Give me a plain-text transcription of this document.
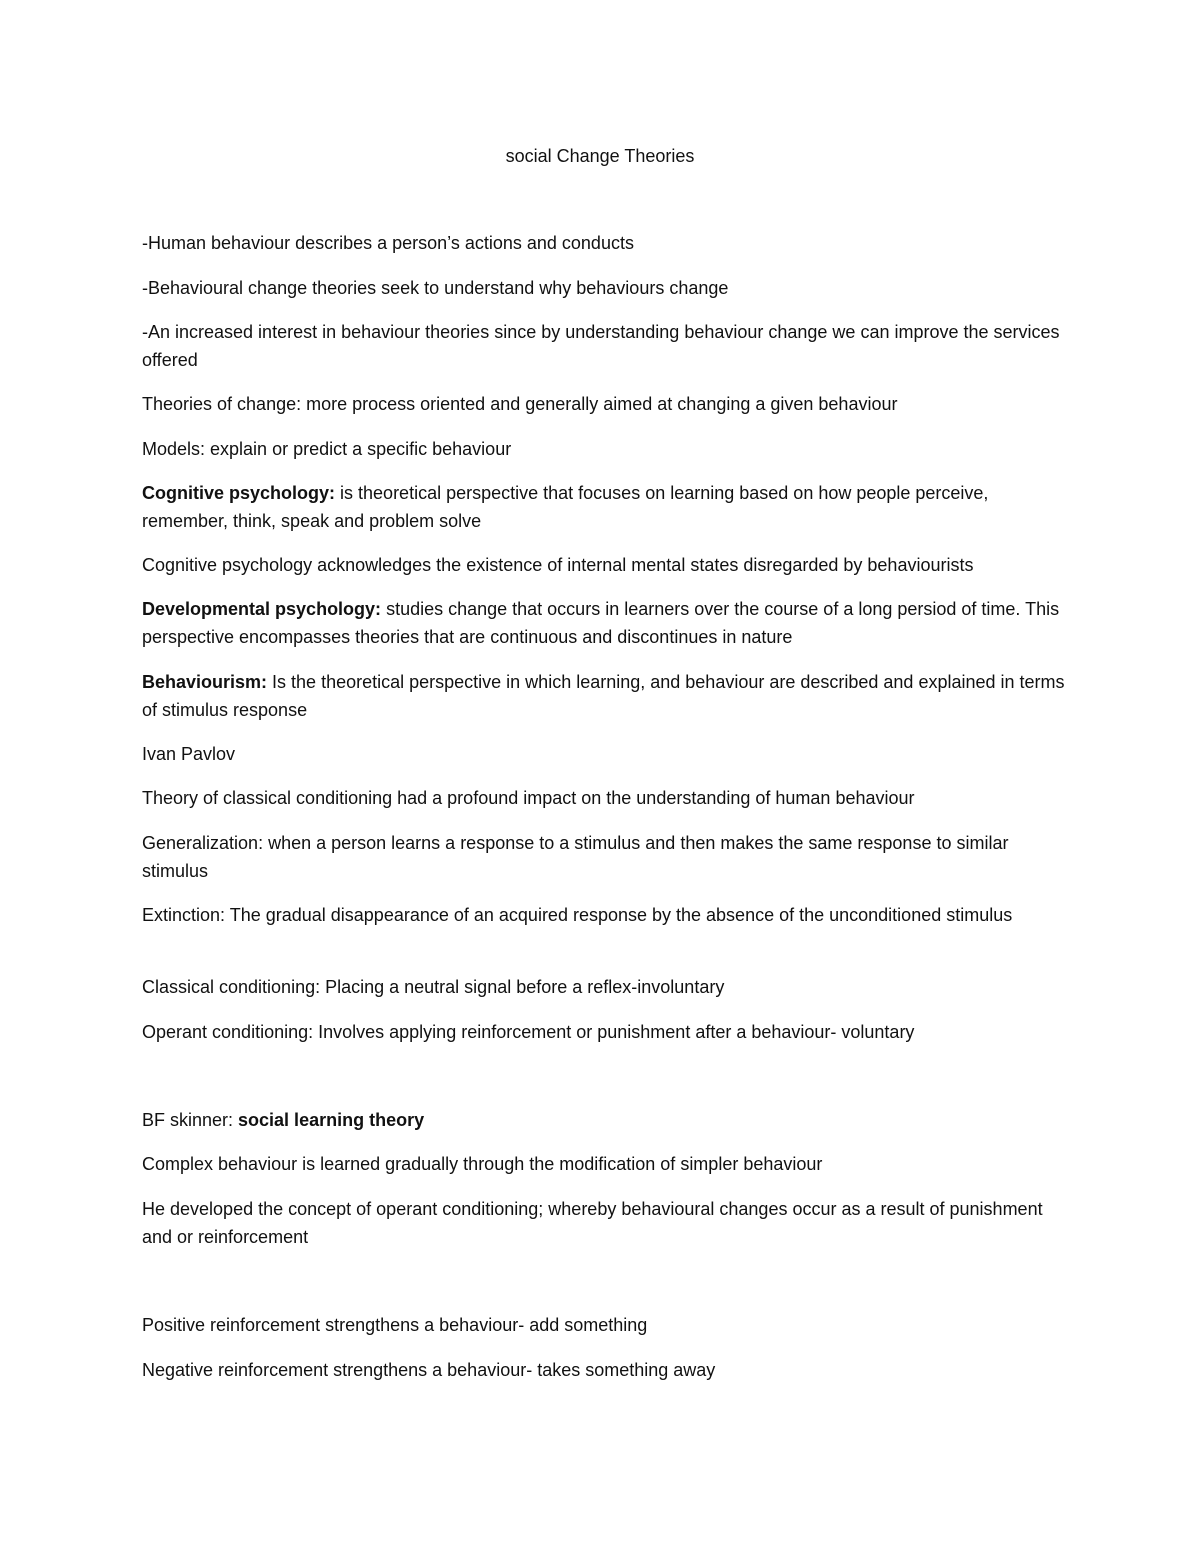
social Change Theories

-Human behaviour describes a person’s actions and conducts

-Behavioural change theories seek to understand why behaviours change

-An increased interest in behaviour theories since by understanding behaviour change we can improve the services offered

Theories of change: more process oriented and generally aimed at changing a given behaviour

Models: explain or predict a specific behaviour

Cognitive psychology: is theoretical perspective that focuses on learning based on how people perceive, remember, think, speak and problem solve

Cognitive psychology acknowledges the existence of internal mental states disregarded by behaviourists

Developmental psychology: studies change that occurs in learners over the course of a long persiod of time. This perspective encompasses theories that are continuous and discontinues in nature

Behaviourism: Is the theoretical perspective in which learning, and behaviour are described and explained in terms of stimulus response

Ivan Pavlov

Theory of classical conditioning had a profound impact on the understanding of human behaviour

Generalization: when a person learns a response to a stimulus and then makes the same response to similar stimulus

Extinction: The gradual disappearance of an acquired response by the absence of the unconditioned stimulus

Classical conditioning: Placing a neutral signal before a reflex-involuntary

Operant conditioning: Involves applying reinforcement or punishment after a behaviour- voluntary

BF skinner: social learning theory

Complex behaviour is learned gradually through the modification of simpler behaviour

He developed the concept of operant conditioning; whereby behavioural changes occur as a result of punishment and or reinforcement

Positive reinforcement strengthens a behaviour- add something

Negative reinforcement strengthens a behaviour- takes something away
